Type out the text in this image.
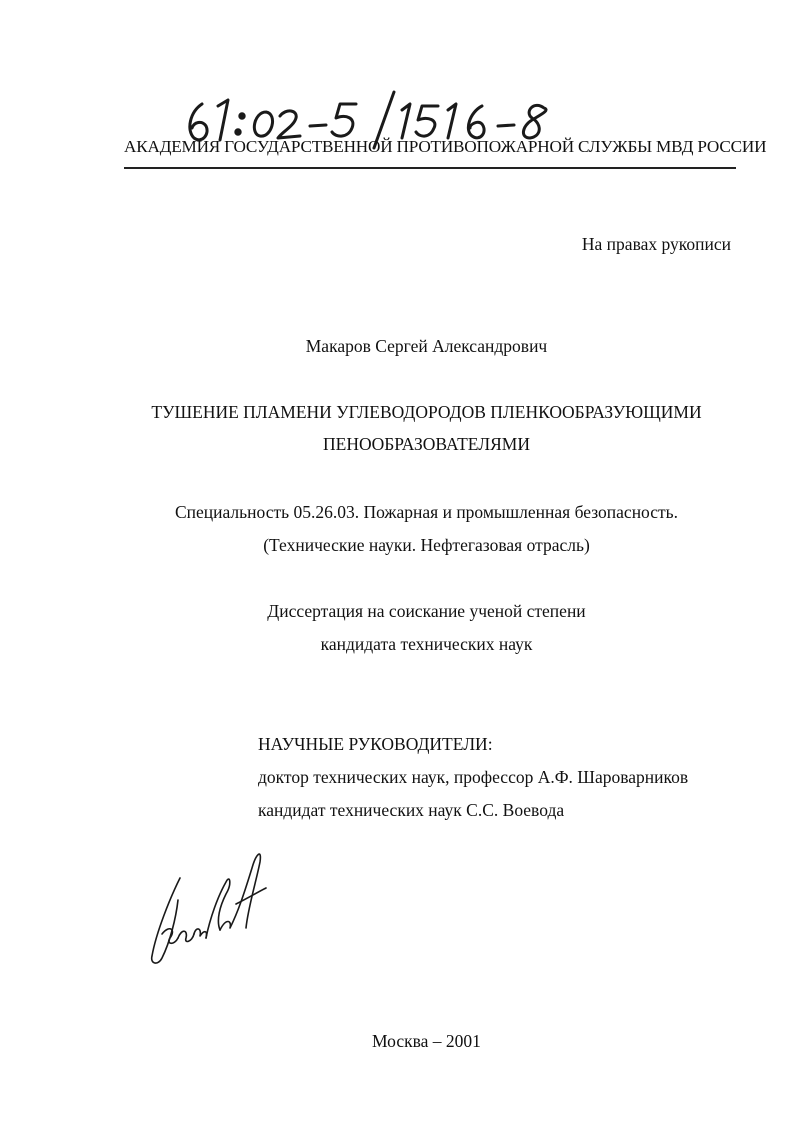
АКАДЕМИЯ ГОСУДАРСТВЕННОЙ ПРОТИВОПОЖАРНОЙ СЛУЖБЫ МВД РОССИИ
На правах рукописи
Макаров Сергей Александрович
ТУШЕНИЕ ПЛАМЕНИ УГЛЕВОДОРОДОВ ПЛЕНКООБРАЗУЮЩИМИ
ПЕНООБРАЗОВАТЕЛЯМИ
Специальность 05.26.03. Пожарная и промышленная безопасность.
(Технические науки. Нефтегазовая отрасль)
Диссертация на соискание ученой степени
кандидата технических наук
НАУЧНЫЕ РУКОВОДИТЕЛИ:
доктор технических наук, профессор А.Ф. Шароварников
кандидат технических наук С.С. Воевода
Москва – 2001
